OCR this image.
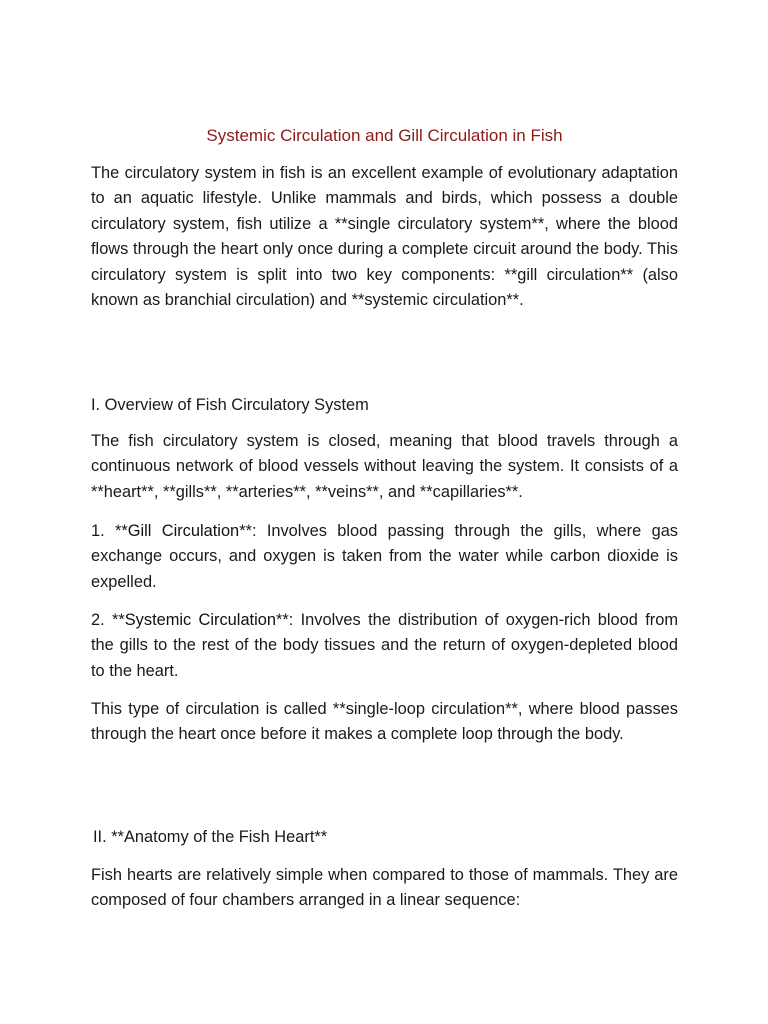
Systemic Circulation and Gill Circulation in Fish

The circulatory system in fish is an excellent example of evolutionary adaptation to an aquatic lifestyle. Unlike mammals and birds, which possess a double circulatory system, fish utilize a **single circulatory system**, where the blood flows through the heart only once during a complete circuit around the body. This circulatory system is split into two key components: **gill circulation** (also known as branchial circulation) and **systemic circulation**.

I. Overview of Fish Circulatory System

The fish circulatory system is closed, meaning that blood travels through a continuous network of blood vessels without leaving the system. It consists of a **heart**, **gills**, **arteries**, **veins**, and **capillaries**.

1. **Gill Circulation**: Involves blood passing through the gills, where gas exchange occurs, and oxygen is taken from the water while carbon dioxide is expelled.

2. **Systemic Circulation**: Involves the distribution of oxygen-rich blood from the gills to the rest of the body tissues and the return of oxygen-depleted blood to the heart.

This type of circulation is called **single-loop circulation**, where blood passes through the heart once before it makes a complete loop through the body.

II. **Anatomy of the Fish Heart**

Fish hearts are relatively simple when compared to those of mammals. They are composed of four chambers arranged in a linear sequence:
